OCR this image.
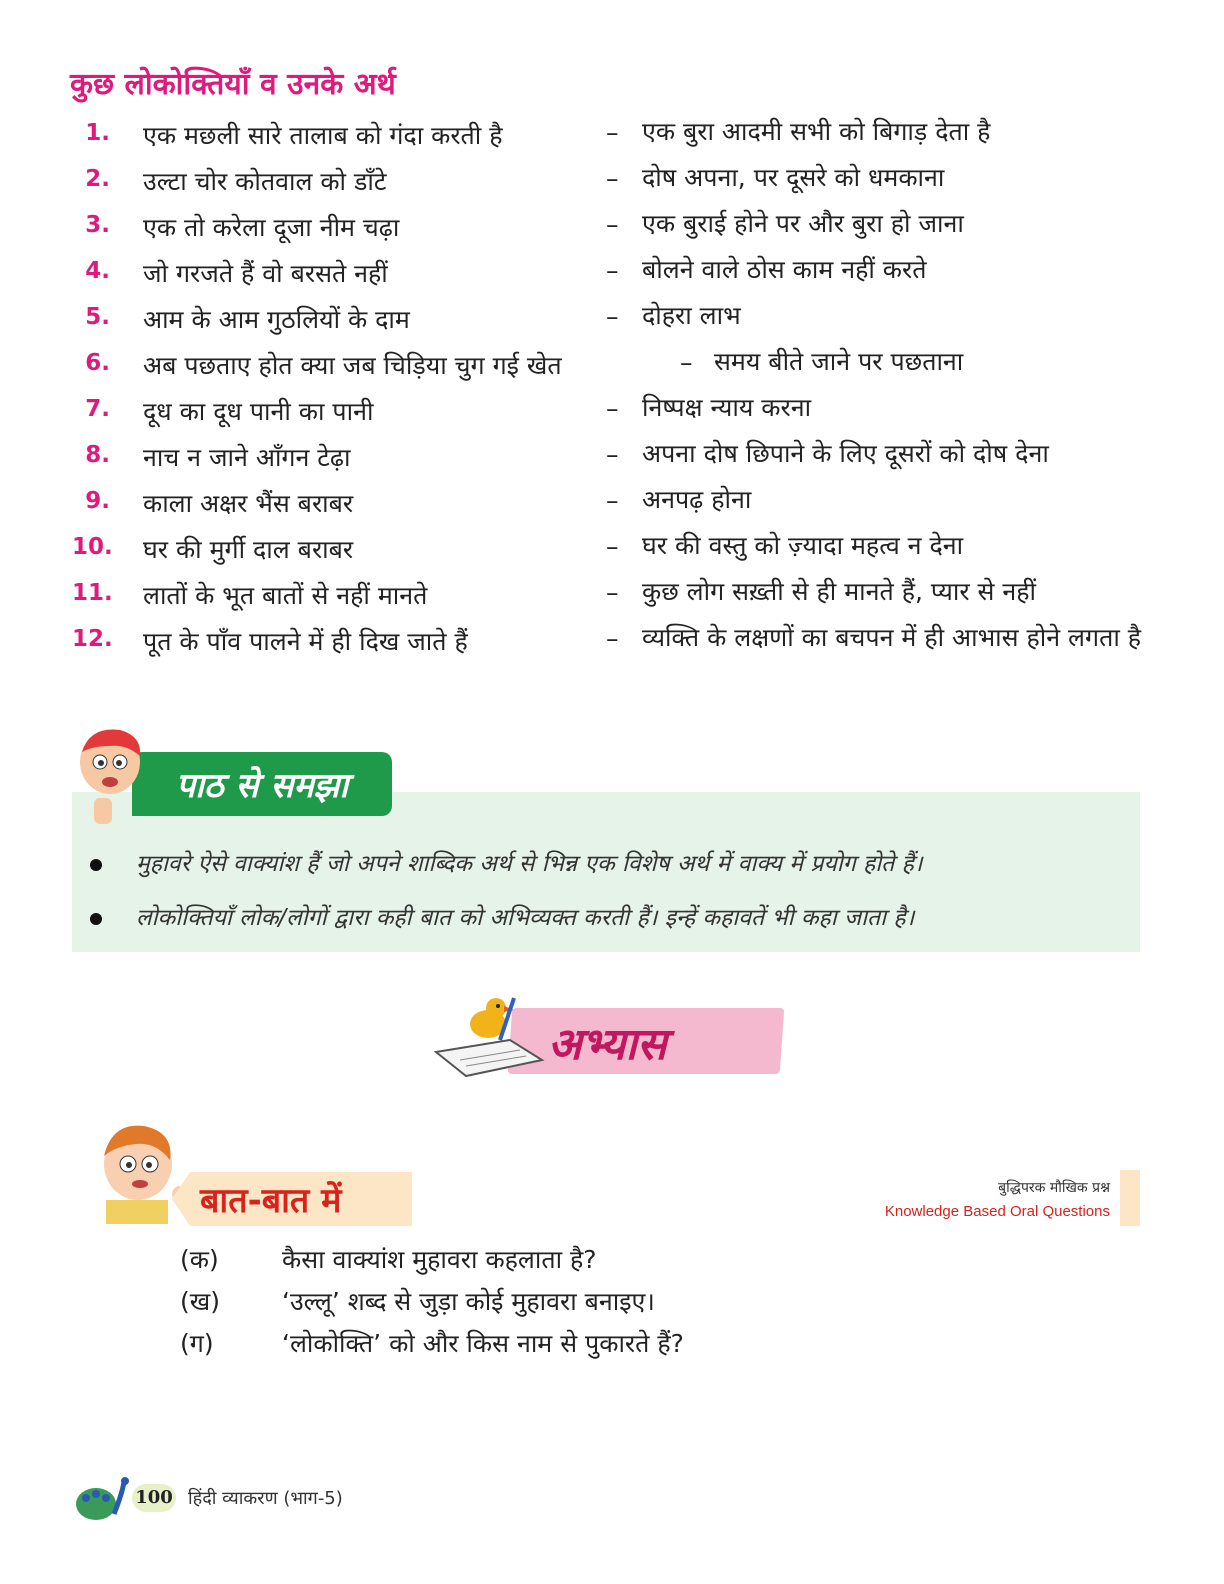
कुछ लोकोक्तियाँ व उनके अर्थ
1. एक मछली सारे तालाब को गंदा करती है	– एक बुरा आदमी सभी को बिगाड़ देता है
2. उल्टा चोर कोतवाल को डाँटे	– दोष अपना, पर दूसरे को धमकाना
3. एक तो करेला दूजा नीम चढ़ा	– एक बुराई होने पर और बुरा हो जाना
4. जो गरजते हैं वो बरसते नहीं	– बोलने वाले ठोस काम नहीं करते
5. आम के आम गुठलियों के दाम	– दोहरा लाभ
6. अब पछताए होत क्या जब चिड़िया चुग गई खेत	– समय बीते जाने पर पछताना
7. दूध का दूध पानी का पानी	– निष्पक्ष न्याय करना
8. नाच न जाने आँगन टेढ़ा	– अपना दोष छिपाने के लिए दूसरों को दोष देना
9. काला अक्षर भैंस बराबर	– अनपढ़ होना
10. घर की मुर्गी दाल बराबर	– घर की वस्तु को ज़्यादा महत्व न देना
11. लातों के भूत बातों से नहीं मानते	– कुछ लोग सख़्ती से ही मानते हैं, प्यार से नहीं
12. पूत के पाँव पालने में ही दिख जाते हैं	– व्यक्ति के लक्षणों का बचपन में ही आभास होने लगता है
पाठ से समझा
मुहावरे ऐसे वाक्यांश हैं जो अपने शाब्दिक अर्थ से भिन्न एक विशेष अर्थ में वाक्य में प्रयोग होते हैं।
लोकोक्तियाँ लोक/लोगों द्वारा कही बात को अभिव्यक्त करती हैं। इन्हें कहावतें भी कहा जाता है।
अभ्यास
बात-बात में	बुद्धिपरक मौखिक प्रश्न
Knowledge Based Oral Questions
(क)	कैसा वाक्यांश मुहावरा कहलाता है?
(ख) ‘उल्लू’ शब्द से जुड़ा कोई मुहावरा बनाइए।
(ग)	‘लोकोक्ति’ को और किस नाम से पुकारते हैं?
100 हिंदी व्याकरण (भाग-5)
